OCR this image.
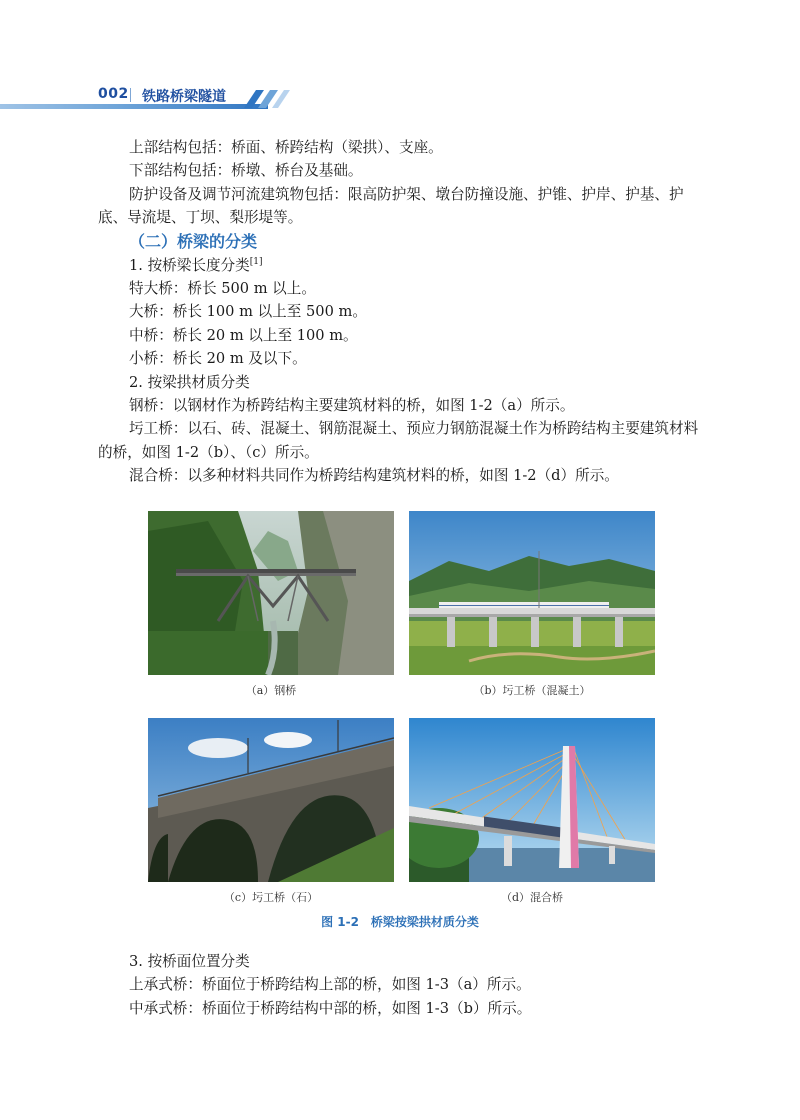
002 铁路桥梁隧道

上部结构包括：桥面、桥跨结构（梁拱）、支座。

下部结构包括：桥墩、桥台及基础。

防护设备及调节河流建筑物包括：限高防护架、墩台防撞设施、护锥、护岸、护基、护底、导流堤、丁坝、梨形堤等。

（二）桥梁的分类

1. 按桥梁长度分类[1]

特大桥：桥长 500 m 以上。

大桥：桥长 100 m 以上至 500 m。

中桥：桥长 20 m 以上至 100 m。

小桥：桥长 20 m 及以下。

2. 按梁拱材质分类

钢桥：以钢材作为桥跨结构主要建筑材料的桥，如图 1-2（a）所示。

圬工桥：以石、砖、混凝土、钢筋混凝土、预应力钢筋混凝土作为桥跨结构主要建筑材料的桥，如图 1-2（b）、（c）所示。

混合桥：以多种材料共同作为桥跨结构建筑材料的桥，如图 1-2（d）所示。

（a）钢桥	（b）圬工桥（混凝土）
（c）圬工桥（石）	（d）混合桥
图 1-2　桥梁按梁拱材质分类

3. 按桥面位置分类

上承式桥：桥面位于桥跨结构上部的桥，如图 1-3（a）所示。

中承式桥：桥面位于桥跨结构中部的桥，如图 1-3（b）所示。
